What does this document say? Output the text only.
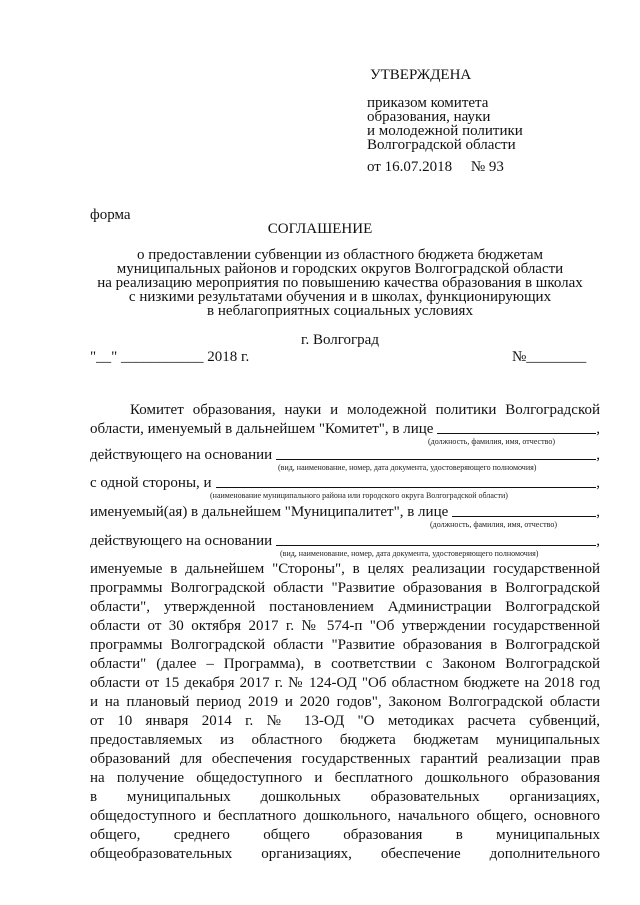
УТВЕРЖДЕНА
приказом комитета
образования, науки
и молодежной политики
Волгоградской области
от 16.07.2018     № 93
форма
СОГЛАШЕНИЕ
о предоставлении субвенции из областного бюджета бюджетам
муниципальных районов и городских округов Волгоградской области
на реализацию мероприятия по повышению качества образования в школах
с низкими результатами обучения и в школах, функционирующих
в неблагоприятных социальных условиях
г. Волгоград
"__" ___________ 2018 г.	№________
Комитет образования, науки и молодежной политики Волгоградской
области, именуемый в дальнейшем "Комитет", в лице	,
(должность, фамилия, имя, отчество)
действующего на основании	,
(вид, наименование, номер, дата документа, удостоверяющего полномочия)
с одной стороны, и	,
(наименование муниципального района или городского округа Волгоградской области)
именуемый(ая) в дальнейшем "Муниципалитет", в лице	,
(должность, фамилия, имя, отчество)
действующего на основании	,
(вид, наименование, номер, дата документа, удостоверяющего полномочия)
именуемые в дальнейшем "Стороны", в целях реализации государственной
программы Волгоградской области "Развитие образования в Волгоградской
области", утвержденной постановлением Администрации Волгоградской
области от 30 октября 2017 г. № 574-п "Об утверждении государственной
программы Волгоградской области "Развитие образования в Волгоградской
области" (далее – Программа), в соответствии с Законом Волгоградской
области от 15 декабря 2017 г. № 124-ОД "Об областном бюджете на 2018 год
и на плановый период 2019 и 2020 годов", Законом Волгоградской области
от 10 января 2014 г. № 13-ОД "О методиках расчета субвенций,
предоставляемых из областного бюджета бюджетам муниципальных
образований для обеспечения государственных гарантий реализации прав
на получение общедоступного и бесплатного дошкольного образования
в муниципальных дошкольных образовательных организациях,
общедоступного и бесплатного дошкольного, начального общего, основного
общего, среднего общего образования в муниципальных
общеобразовательных организациях, обеспечение дополнительного
